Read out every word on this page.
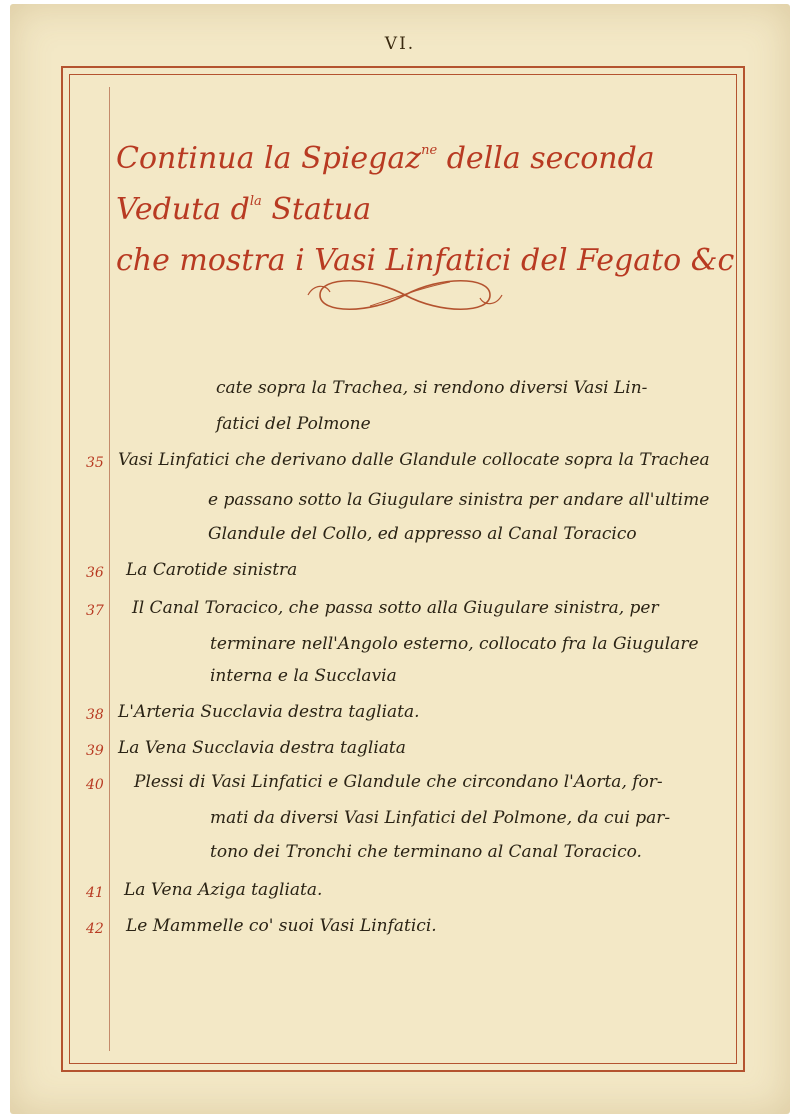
VI.
Continua la Spiegaz$^{ne}$ della seconda Veduta $d^{la}$ Statua
che mostra i Vasi Linfatici del Fegato &c
cate sopra la Trachea, si rendono diversi Vasi Lin-
fatici del Polmone
35 Vasi Linfatici che derivano dalle Glandule collocate sopra la Trachea
e passano sotto la Giugulare sinistra per andare all'ultime
Glandule del Collo, ed appresso al Canal Toracico
36	La Carotide sinistra
37	Il Canal Toracico, che passa sotto alla Giugulare sinistra, per
terminare nell'Angolo esterno, collocato fra la Giugulare
interna e la Succlavia
38 L'Arteria Succlavia destra tagliata.
39 La Vena Succlavia destra tagliata
40	Plessi di Vasi Linfatici e Glandule che circondano l'Aorta, for-
mati da diversi Vasi Linfatici del Polmone, da cui par-
tono dei Tronchi che terminano al Canal Toracico.
41	La Vena Aziga tagliata.
42	Le Mammelle co' suoi Vasi Linfatici.
